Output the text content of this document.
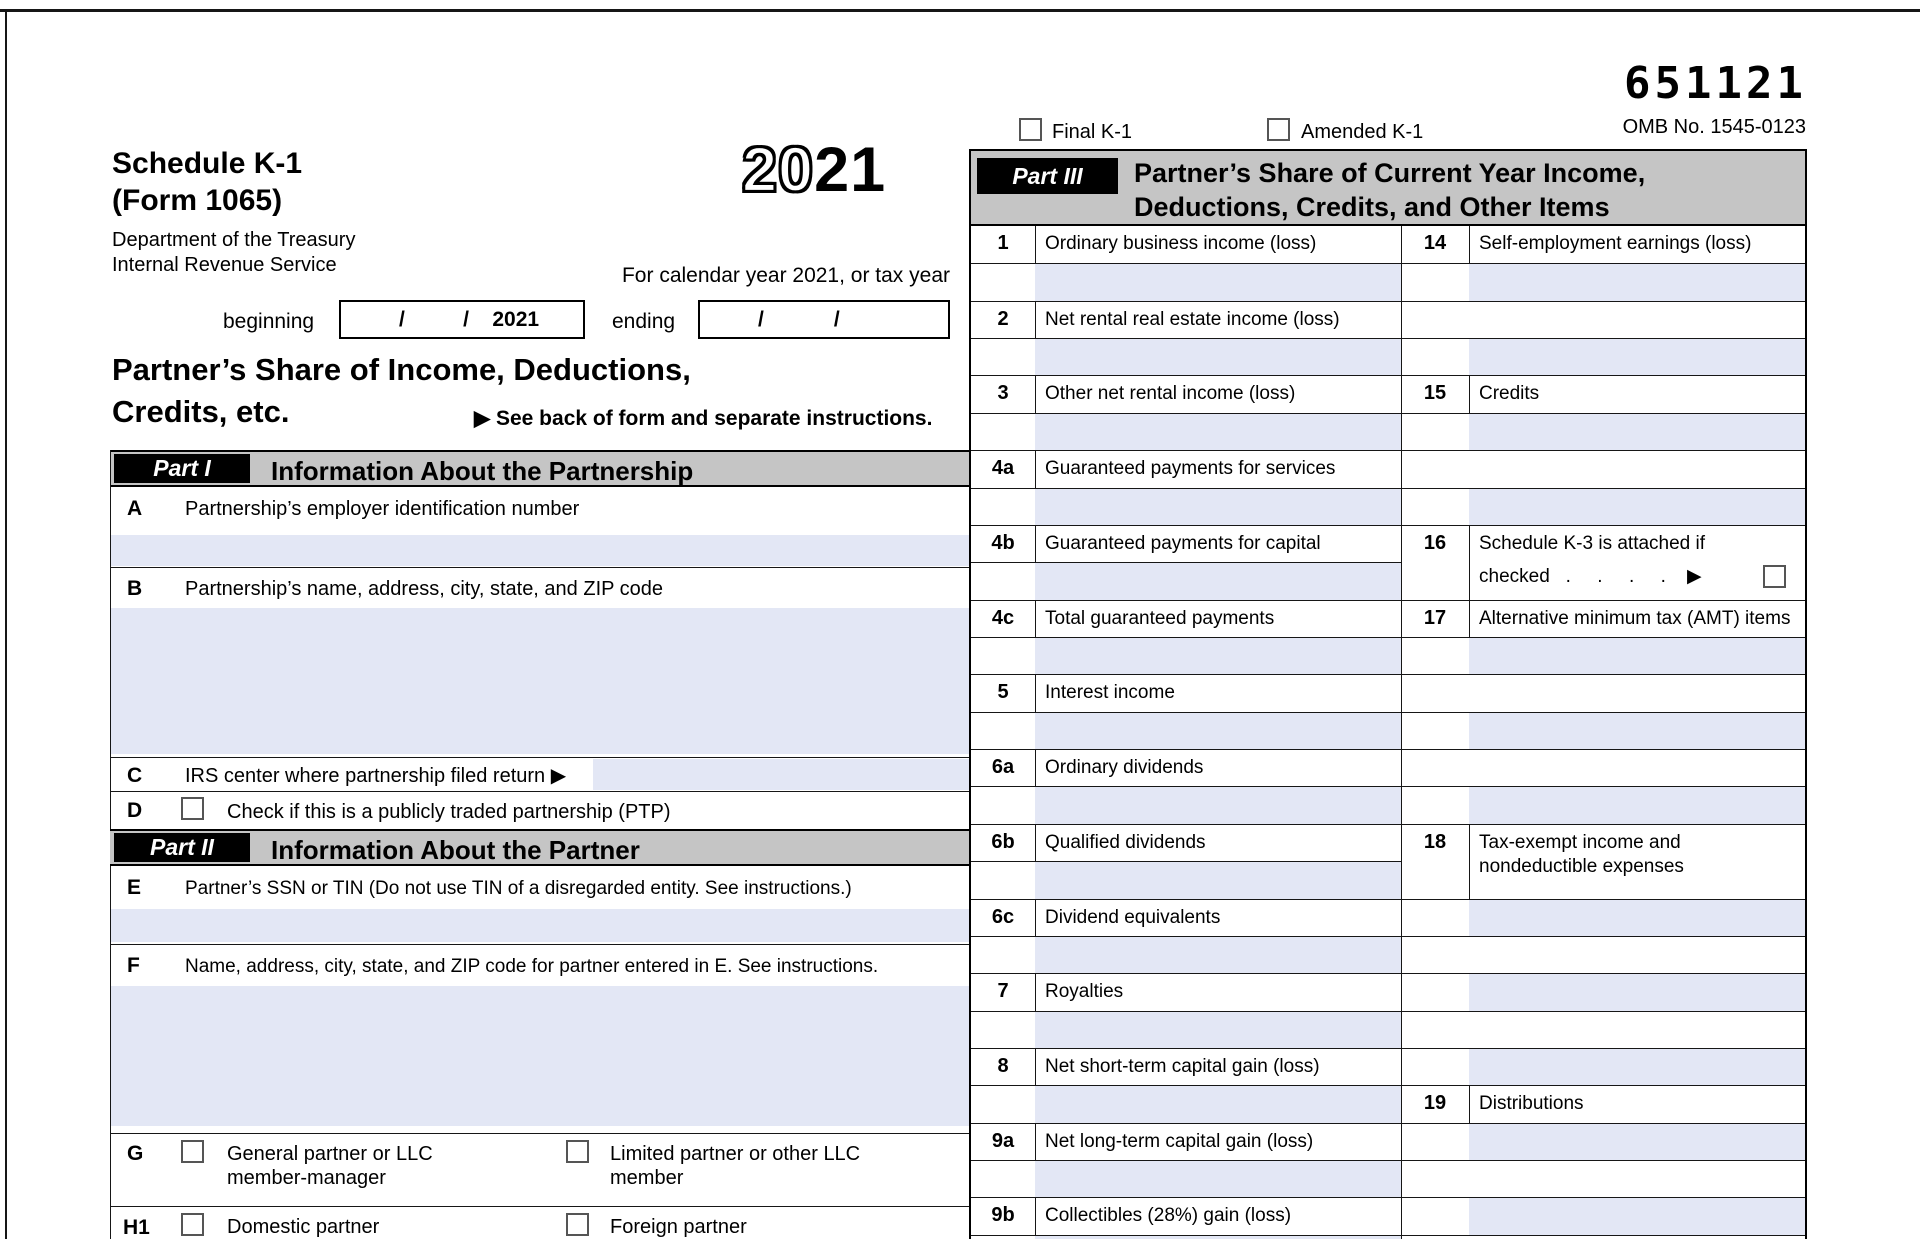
651121
OMB No. 1545-0123
Final K-1	Amended K-1
Schedule K-1
(Form 1065)
Department of the Treasury
Internal Revenue Service
2021
For calendar year 2021, or tax year
beginning	/          /    2021	ending	/            /
Partner’s Share of Income, Deductions,
Credits, etc.	▶ See back of form and separate instructions.
Part I	Information About the Partnership
A Partnership’s employer identification number
B Partnership’s name, address, city, state, and ZIP code
C IRS center where partnership filed return ▶
D	Check if this is a publicly traded partnership (PTP)
Part II	Information About the Partner
E Partner’s SSN or TIN (Do not use TIN of a disregarded entity. See instructions.)
F Name, address, city, state, and ZIP code for partner entered in E. See instructions.
G	General partner or LLC member-manager
Limited partner or other LLC member
H1	Domestic partner	Foreign partner
Part III	Partner’s Share of Current Year Income,
Deductions, Credits, and Other Items
1	Ordinary business income (loss)
2	Net rental real estate income (loss)
3	Other net rental income (loss)
4a	Guaranteed payments for services
4b	Guaranteed payments for capital
4c	Total guaranteed payments
5	Interest income
6a	Ordinary dividends
6b	Qualified dividends
6c	Dividend equivalents
7	Royalties
8	Net short-term capital gain (loss)
9a	Net long-term capital gain (loss)
9b	Collectibles (28%) gain (loss)
14	Self-employment earnings (loss)
15	Credits
16	Schedule K-3 is attached if
checked   .     .     .     .    ▶
17	Alternative minimum tax (AMT) items
18	Tax-exempt income and nondeductible expenses
19	Distributions
